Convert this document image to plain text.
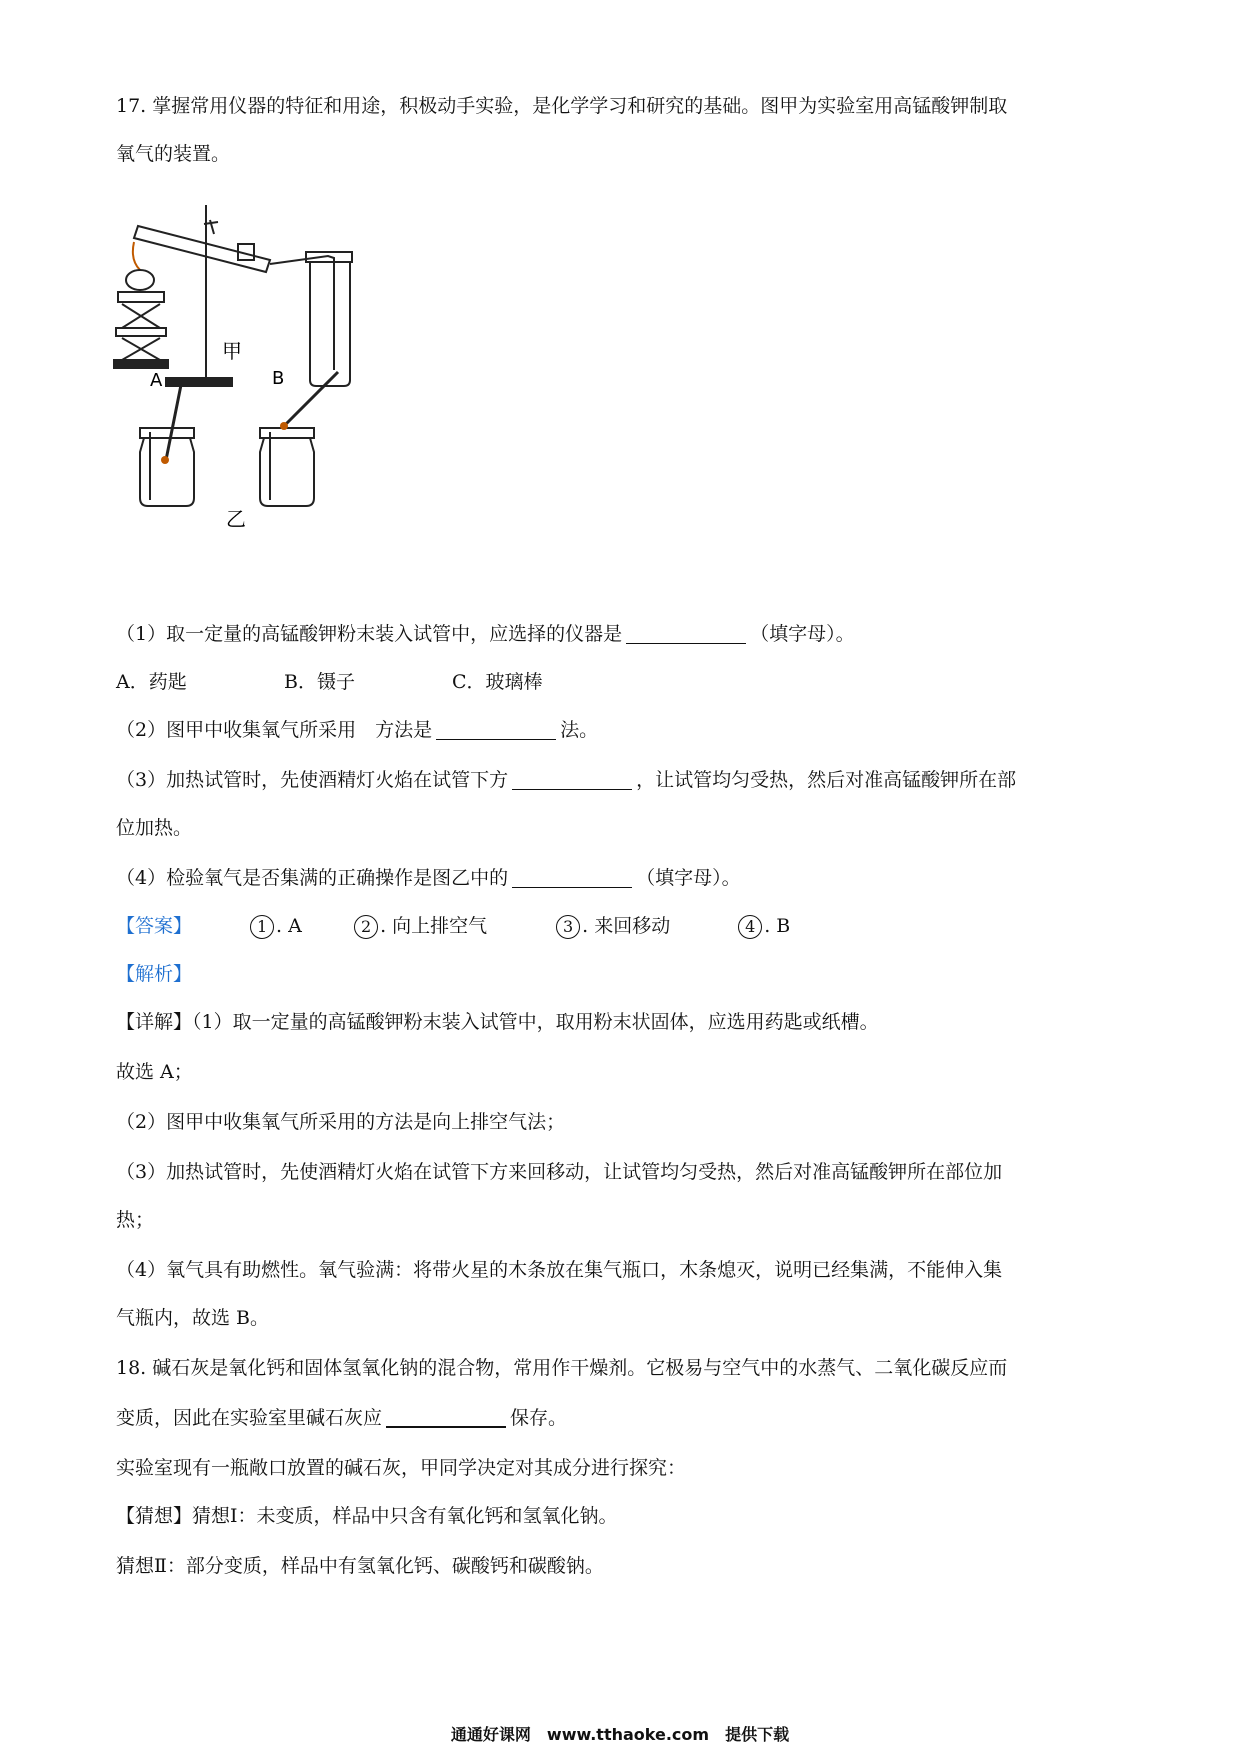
17. 掌握常用仪器的特征和用途，积极动手实验，是化学学习和研究的基础。图甲为实验室用高锰酸钾制取
氧气的装置。
甲
A	B
乙
（1）取一定量的高锰酸钾粉末装入试管中，应选择的仪器是	（填字母）。
A．药匙	B．镊子	C．玻璃棒
（2）图甲中收集氧气所采用　方法是	法。
（3）加热试管时，先使酒精灯火焰在试管下方	，让试管均匀受热，然后对准高锰酸钾所在部
位加热。
（4）检验氧气是否集满的正确操作是图乙中的	（填字母）。
【答案】	1 . A	2 . 向上排空气	3 . 来回移动	4 . B
【解析】
【详解】（1）取一定量的高锰酸钾粉末装入试管中，取用粉末状固体，应选用药匙或纸槽。
故选 A；
（2）图甲中收集氧气所采用的方法是向上排空气法；
（3）加热试管时，先使酒精灯火焰在试管下方来回移动，让试管均匀受热，然后对准高锰酸钾所在部位加
热；
（4）氧气具有助燃性。氧气验满：将带火星的木条放在集气瓶口，木条熄灭，说明已经集满，不能伸入集
气瓶内，故选 B。
18. 碱石灰是氧化钙和固体氢氧化钠的混合物，常用作干燥剂。它极易与空气中的水蒸气、二氧化碳反应而
变质，因此在实验室里碱石灰应	保存。
实验室现有一瓶敞口放置的碱石灰，甲同学决定对其成分进行探究：
【猜想】猜想Ⅰ：未变质，样品中只含有氧化钙和氢氧化钠。
猜想Ⅱ：部分变质，样品中有氢氧化钙、碳酸钙和碳酸钠。
通通好课网 www.tthaoke.com 提供下载
